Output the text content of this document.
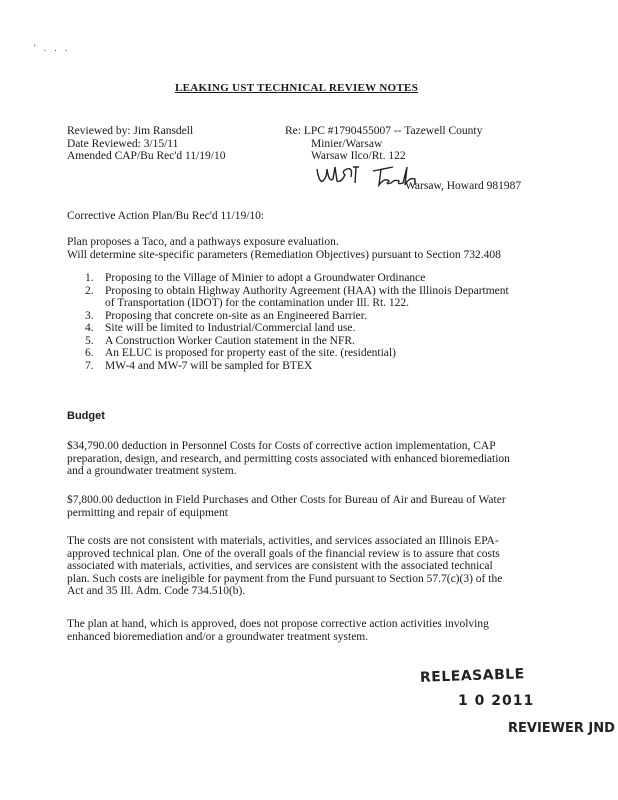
' . . .
LEAKING UST TECHNICAL REVIEW NOTES
Reviewed by: Jim Ransdell
Date Reviewed: 3/15/11
Amended CAP/Bu Rec'd 11/19/10
Re: LPC #1790455007 -- Tazewell County
Minier/Warsaw
Warsaw Ilco/Rt. 122
Warsaw, Howard 981987
Corrective Action Plan/Bu Rec'd 11/19/10:
Plan proposes a Taco, and a pathways exposure evaluation.
Will determine site-specific parameters (Remediation Objectives) pursuant to Section 732.408
1. Proposing to the Village of Minier to adopt a Groundwater Ordinance
2. Proposing to obtain Highway Authority Agreement (HAA) with the Illinois Department
of Transportation (IDOT) for the contamination under Ill. Rt. 122.
3. Proposing that concrete on-site as an Engineered Barrier.
4. Site will be limited to Industrial/Commercial land use.
5. A Construction Worker Caution statement in the NFR.
6. An ELUC is proposed for property east of the site. (residential)
7. MW-4 and MW-7 will be sampled for BTEX
Budget
$34,790.00 deduction in Personnel Costs for Costs of corrective action implementation, CAP
preparation, design, and research, and permitting costs associated with enhanced bioremediation
and a groundwater treatment system.
$7,800.00 deduction in Field Purchases and Other Costs for Bureau of Air and Bureau of Water
permitting and repair of equipment
The costs are not consistent with materials, activities, and services associated an Illinois EPA-
approved technical plan. One of the overall goals of the financial review is to assure that costs
associated with materials, activities, and services are consistent with the associated technical
plan. Such costs are ineligible for payment from the Fund pursuant to Section 57.7(c)(3) of the
Act and 35 Ill. Adm. Code 734.510(b).
The plan at hand, which is approved, does not propose corrective action activities involving
enhanced bioremediation and/or a groundwater treatment system.
RELEASABLE
1 0 2011
REVIEWER JND
